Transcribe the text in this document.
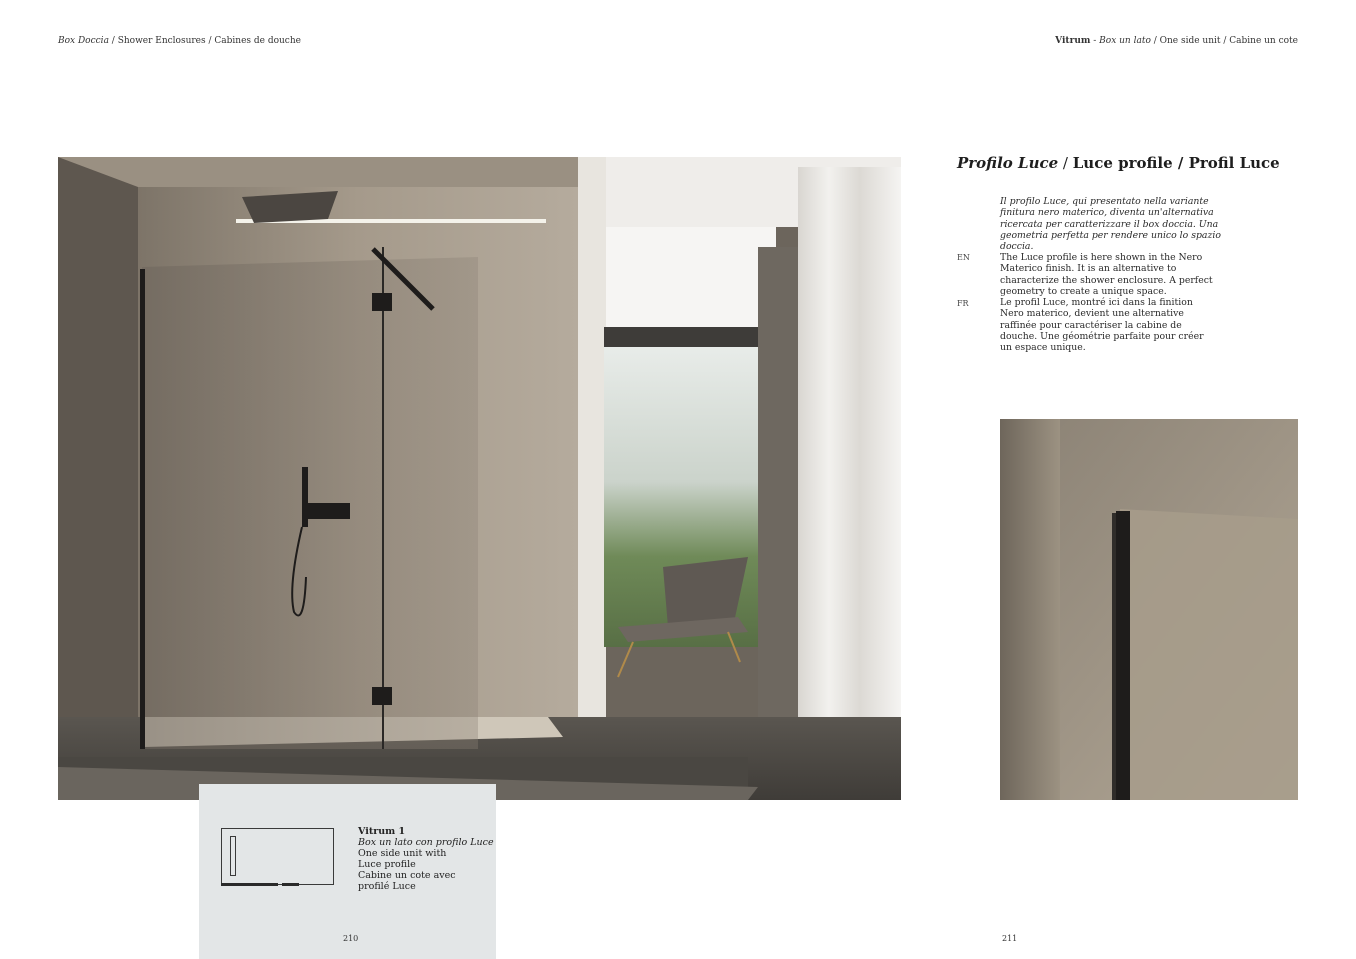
Box Doccia / Shower Enclosures / Cabines de douche	Vitrum - Box un lato / One side unit / Cabine un cote
Profilo Luce / Luce profile / Profil Luce
Il profilo Luce, qui presentato nella variante finitura nero materico, diventa un'alternativa ricercata per caratterizzare il box doccia. Una geometria perfetta per rendere unico lo spazio doccia.
EN	The Luce profile is here shown in the Nero Materico finish. It is an alternative to characterize the shower enclosure. A perfect geometry to create a unique space.
FR	Le profil Luce, montré ici dans la finition Nero materico, devient une alternative raffinée pour caractériser la cabine de douche. Une géométrie parfaite pour créer un espace unique.
Vitrum 1
Box un lato con profilo Luce
One side unit with
Luce profile
Cabine un cote avec
profilé Luce
210	211
